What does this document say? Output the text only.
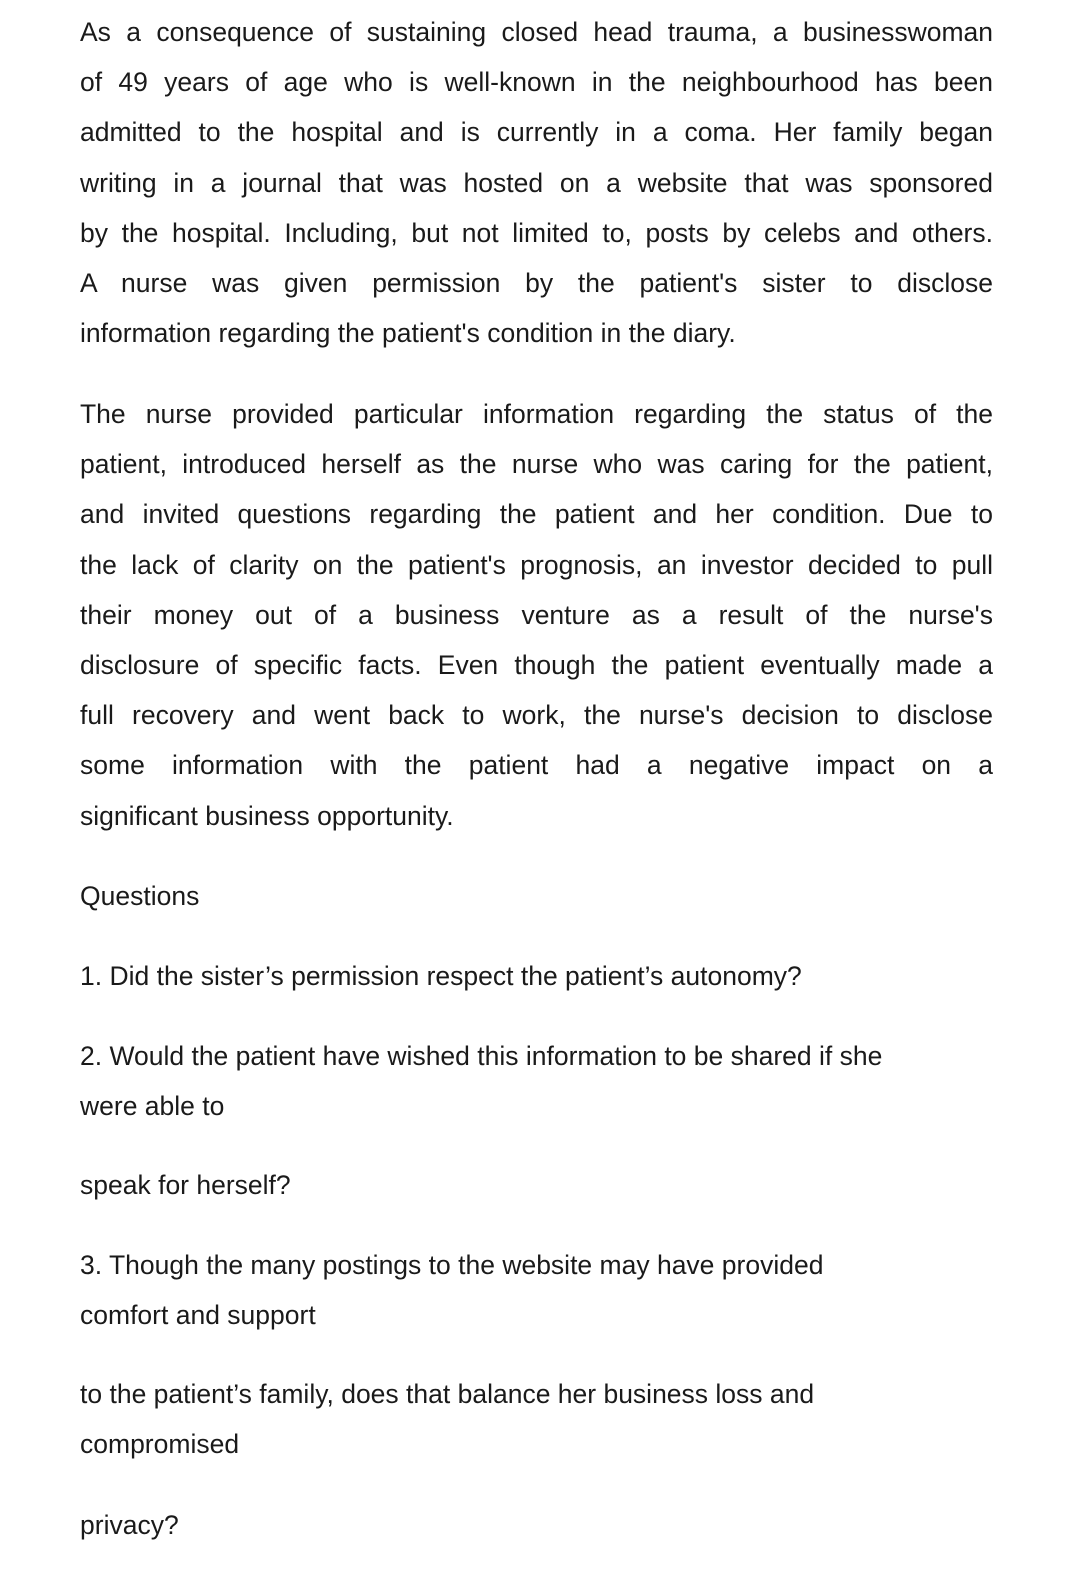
As a consequence of sustaining closed head trauma, a businesswoman
of 49 years of age who is well-known in the neighbourhood has been
admitted to the hospital and is currently in a coma. Her family began
writing in a journal that was hosted on a website that was sponsored
by the hospital. Including, but not limited to, posts by celebs and others.
A nurse was given permission by the patient's sister to disclose
information regarding the patient's condition in the diary.
The nurse provided particular information regarding the status of the
patient, introduced herself as the nurse who was caring for the patient,
and invited questions regarding the patient and her condition. Due to
the lack of clarity on the patient's prognosis, an investor decided to pull
their money out of a business venture as a result of the nurse's
disclosure of specific facts. Even though the patient eventually made a
full recovery and went back to work, the nurse's decision to disclose
some information with the patient had a negative impact on a
significant business opportunity.
Questions
1. Did the sister’s permission respect the patient’s autonomy?
2. Would the patient have wished this information to be shared if she
were able to
speak for herself?
3. Though the many postings to the website may have provided
comfort and support
to the patient’s family, does that balance her business loss and
compromised
privacy?
